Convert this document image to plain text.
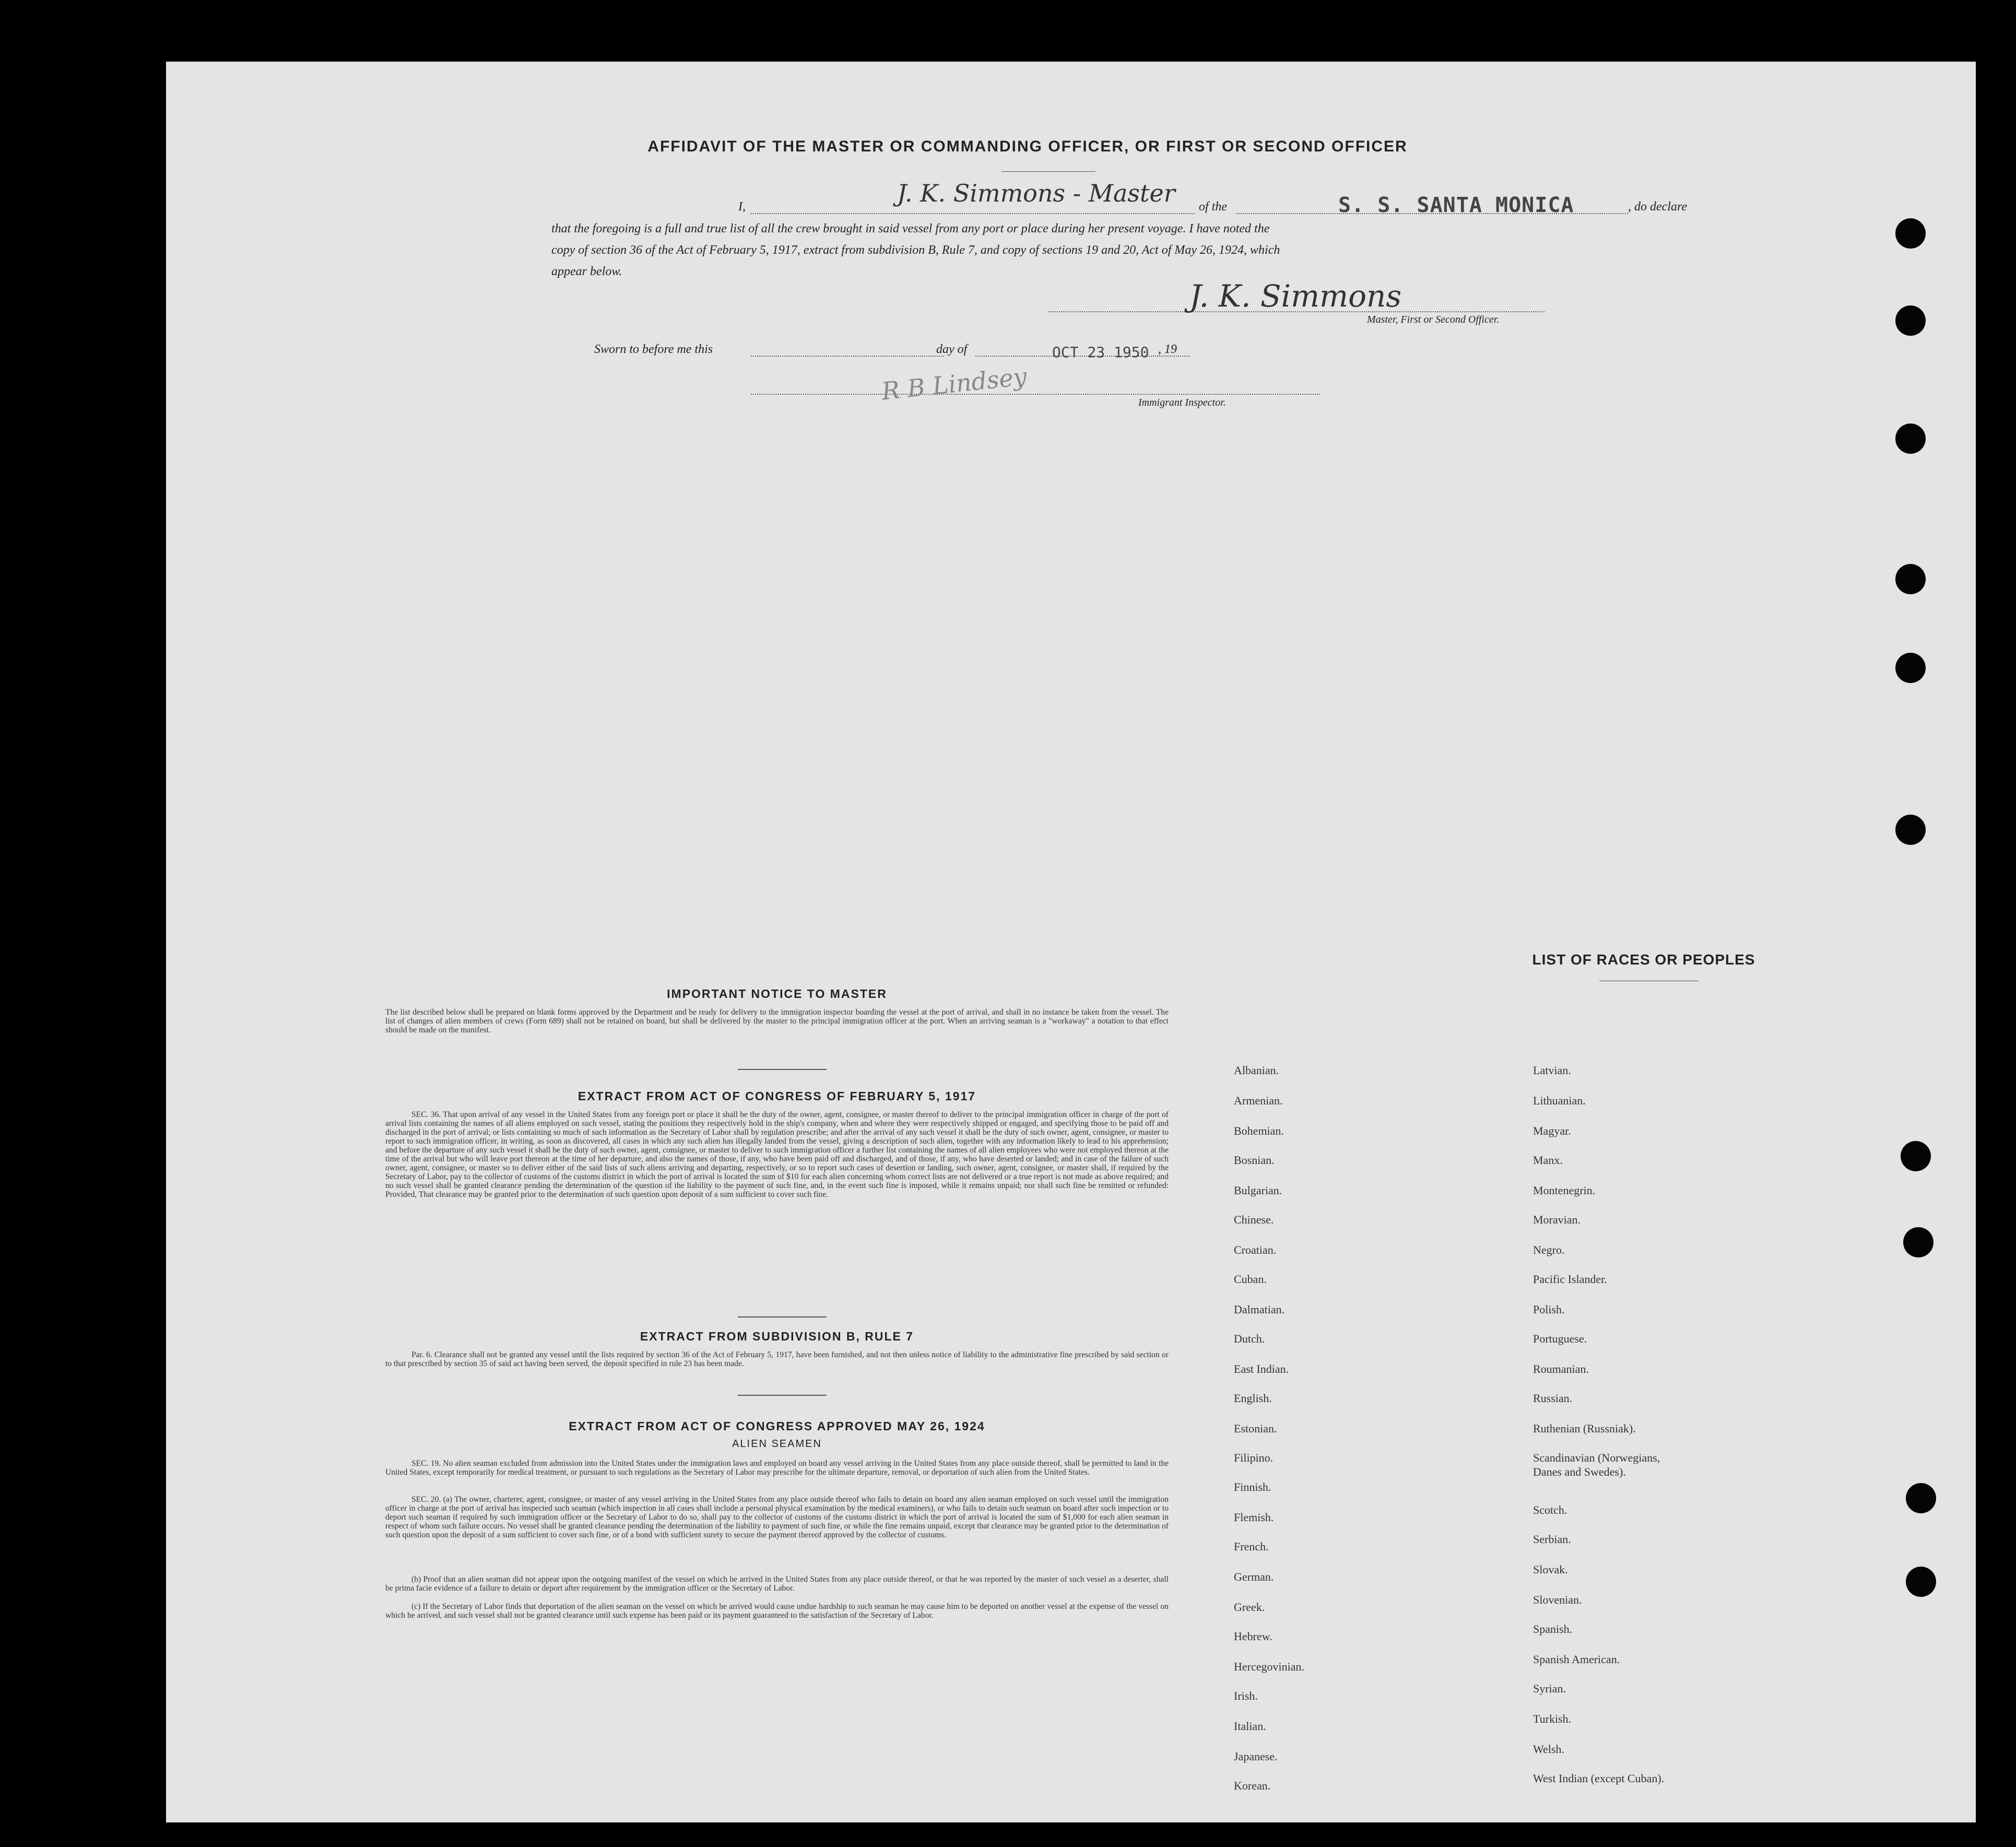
AFFIDAVIT OF THE MASTER OR COMMANDING OFFICER, OR FIRST OR SECOND OFFICER
I,	J. K. Simmons - Master of the	S. S. SANTA MONICA	, do declare
that the foregoing is a full and true list of all the crew brought in said vessel from any port or place during her present voyage. I have noted the
copy of section 36 of the Act of February 5, 1917, extract from subdivision B, Rule 7, and copy of sections 19 and 20, Act of May 26, 1924, which
appear below.
J. K. Simmons
Master, First or Second Officer.
Sworn to before me this	day of	OCT 23 1950 , 19
R B Lindsey	Immigrant Inspector.
IMPORTANT NOTICE TO MASTER
The list described below shall be prepared on blank forms approved by the Department and be ready for delivery to the immigration inspector boarding the vessel at the port of arrival, and shall in no instance be taken from the vessel. The list of changes of alien members of crews (Form 689) shall not be retained on board, but shall be delivered by the master to the principal immigration officer at the port. When an arriving seaman is a "workaway" a notation to that effect should be made on the manifest.
EXTRACT FROM ACT OF CONGRESS OF FEBRUARY 5, 1917
SEC. 36. That upon arrival of any vessel in the United States from any foreign port or place it shall be the duty of the owner, agent, consignee, or master thereof to deliver to the principal immigration officer in charge of the port of arrival lists containing the names of all aliens employed on such vessel, stating the positions they respectively hold in the ship's company, when and where they were respectively shipped or engaged, and specifying those to be paid off and discharged in the port of arrival; or lists containing so much of such information as the Secretary of Labor shall by regulation prescribe; and after the arrival of any such vessel it shall be the duty of such owner, agent, consignee, or master to report to such immigration officer, in writing, as soon as discovered, all cases in which any such alien has illegally landed from the vessel, giving a description of such alien, together with any information likely to lead to his apprehension; and before the departure of any such vessel it shall be the duty of such owner, agent, consignee, or master to deliver to such immigration officer a further list containing the names of all alien employees who were not employed thereon at the time of the arrival but who will leave port thereon at the time of her departure, and also the names of those, if any, who have been paid off and discharged, and of those, if any, who have deserted or landed; and in case of the failure of such owner, agent, consignee, or master so to deliver either of the said lists of such aliens arriving and departing, respectively, or so to report such cases of desertion or landing, such owner, agent, consignee, or master shall, if required by the Secretary of Labor, pay to the collector of customs of the customs district in which the port of arrival is located the sum of $10 for each alien concerning whom correct lists are not delivered or a true report is not made as above required; and no such vessel shall be granted clearance pending the determination of the question of the liability to the payment of such fine, and, in the event such fine is imposed, while it remains unpaid; nor shall such fine be remitted or refunded: Provided, That clearance may be granted prior to the determination of such question upon deposit of a sum sufficient to cover such fine.
EXTRACT FROM SUBDIVISION B, RULE 7
Par. 6. Clearance shall not be granted any vessel until the lists required by section 36 of the Act of February 5, 1917, have been furnished, and not then unless notice of liability to the administrative fine prescribed by said section or to that prescribed by section 35 of said act having been served, the deposit specified in rule 23 has been made.
EXTRACT FROM ACT OF CONGRESS APPROVED MAY 26, 1924
ALIEN SEAMEN
SEC. 19. No alien seaman excluded from admission into the United States under the immigration laws and employed on board any vessel arriving in the United States from any place outside thereof, shall be permitted to land in the United States, except temporarily for medical treatment, or pursuant to such regulations as the Secretary of Labor may prescribe for the ultimate departure, removal, or deportation of such alien from the United States.
SEC. 20. (a) The owner, charterer, agent, consignee, or master of any vessel arriving in the United States from any place outside thereof who fails to detain on board any alien seaman employed on such vessel until the immigration officer in charge at the port of arrival has inspected such seaman (which inspection in all cases shall include a personal physical examination by the medical examiners), or who fails to detain such seaman on board after such inspection or to deport such seaman if required by such immigration officer or the Secretary of Labor to do so, shall pay to the collector of customs of the customs district in which the port of arrival is located the sum of $1,000 for each alien seaman in respect of whom such failure occurs. No vessel shall be granted clearance pending the determination of the liability to payment of such fine, or while the fine remains unpaid, except that clearance may be granted prior to the determination of such question upon the deposit of a sum sufficient to cover such fine, or of a bond with sufficient surety to secure the payment thereof approved by the collector of customs.
(b) Proof that an alien seaman did not appear upon the outgoing manifest of the vessel on which he arrived in the United States from any place outside thereof, or that he was reported by the master of such vessel as a deserter, shall be prima facie evidence of a failure to detain or deport after requirement by the immigration officer or the Secretary of Labor.
(c) If the Secretary of Labor finds that deportation of the alien seaman on the vessel on which he arrived would cause undue hardship to such seaman he may cause him to be deported on another vessel at the expense of the vessel on which he arrived, and such vessel shall not be granted clearance until such expense has been paid or its payment guaranteed to the satisfaction of the Secretary of Labor.
LIST OF RACES OR PEOPLES
Albanian.
Armenian.
Bohemian.
Bosnian.
Bulgarian.
Chinese.
Croatian.
Cuban.
Dalmatian.
Dutch.
East Indian.
English.
Estonian.
Filipino.
Finnish.
Flemish.
French.
German.
Greek.
Hebrew.
Hercegovinian.
Irish.
Italian.
Japanese.
Korean.
Latvian.
Lithuanian.
Magyar.
Manx.
Montenegrin.
Moravian.
Negro.
Pacific Islander.
Polish.
Portuguese.
Roumanian.
Russian.
Ruthenian (Russniak).
Scandinavian (Norwegians,
Danes and Swedes).
Scotch.
Serbian.
Slovak.
Slovenian.
Spanish.
Spanish American.
Syrian.
Turkish.
Welsh.
West Indian (except Cuban).
